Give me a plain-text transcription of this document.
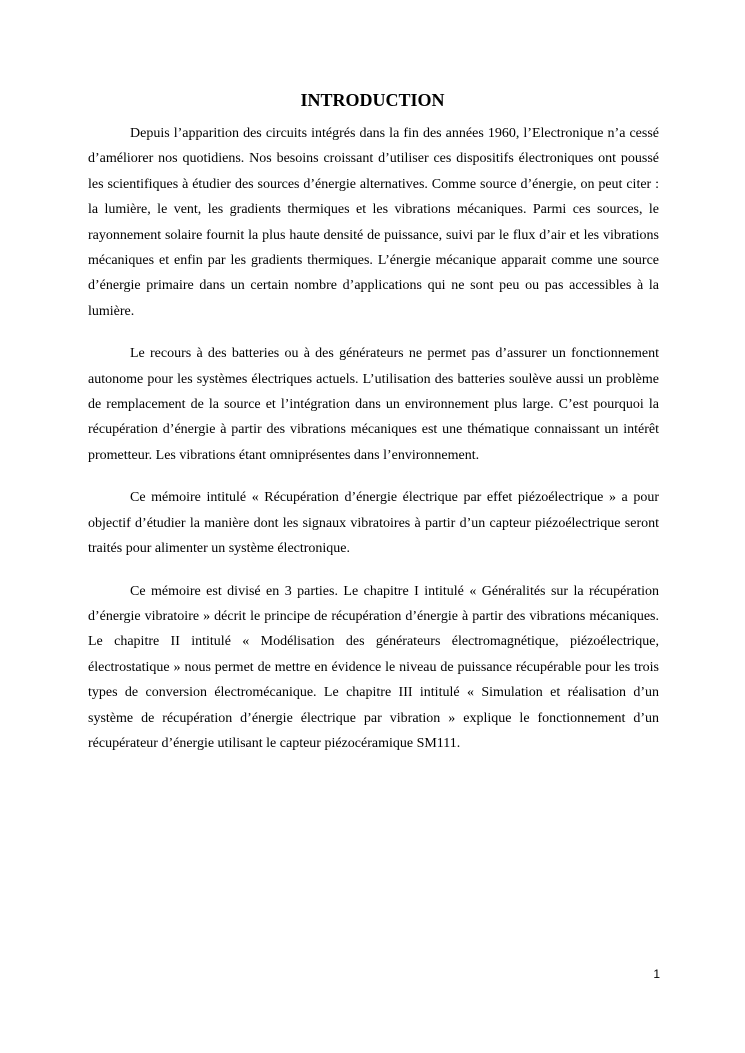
INTRODUCTION

Depuis l’apparition des circuits intégrés dans la fin des années 1960, l’Electronique n’a cessé d’améliorer nos quotidiens. Nos besoins croissant d’utiliser ces dispositifs électroniques ont poussé les scientifiques à étudier des sources d’énergie alternatives. Comme source d’énergie, on peut citer : la lumière, le vent, les gradients thermiques et les vibrations mécaniques. Parmi ces sources, le rayonnement solaire fournit la plus haute densité de puissance, suivi par le flux d’air et les vibrations mécaniques et enfin par les gradients thermiques. L’énergie mécanique apparait comme une source d’énergie primaire dans un certain nombre d’applications qui ne sont peu ou pas accessibles à la lumière.

Le recours à des batteries ou à des générateurs ne permet pas d’assurer un fonctionnement autonome pour les systèmes électriques actuels. L’utilisation des batteries soulève aussi un problème de remplacement de la source et l’intégration dans un environnement plus large. C’est pourquoi la récupération d’énergie à partir des vibrations mécaniques est une thématique connaissant un intérêt prometteur. Les vibrations étant omniprésentes dans l’environnement.

Ce mémoire intitulé « Récupération d’énergie électrique par effet piézoélectrique » a pour objectif d’étudier la manière dont les signaux vibratoires à partir d’un capteur piézoélectrique seront traités pour alimenter un système électronique.

Ce mémoire est divisé en 3 parties. Le chapitre I intitulé « Généralités sur la récupération d’énergie vibratoire » décrit le principe de récupération d’énergie à partir des vibrations mécaniques. Le chapitre II intitulé « Modélisation des générateurs électromagnétique, piézoélectrique, électrostatique » nous permet de mettre en évidence le niveau de puissance récupérable pour les trois types de conversion électromécanique. Le chapitre III intitulé « Simulation et réalisation d’un système de récupération d’énergie électrique par vibration » explique le fonctionnement d’un récupérateur d’énergie utilisant le capteur piézocéramique SM111.

1
